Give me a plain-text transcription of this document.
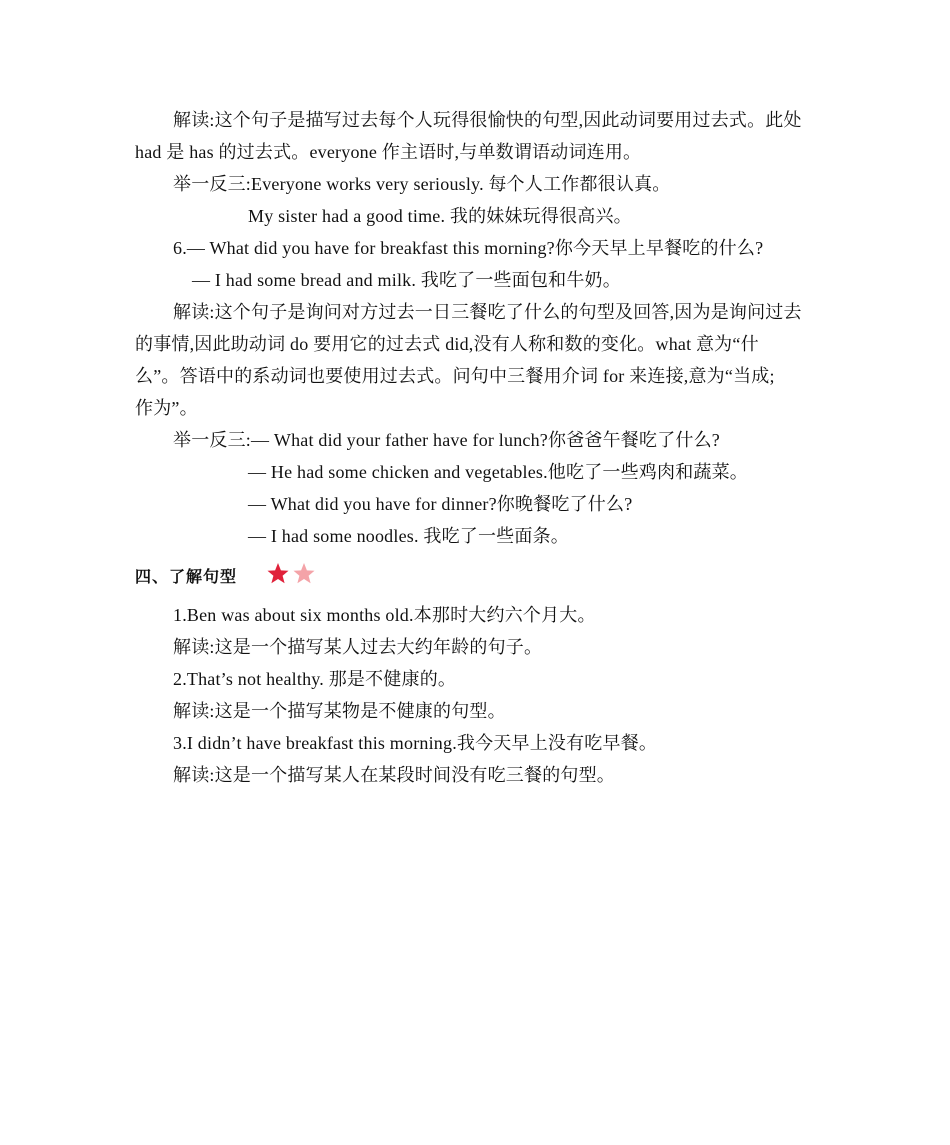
解读:这个句子是描写过去每个人玩得很愉快的句型,因此动词要用过去式。此处
had 是 has 的过去式。everyone 作主语时,与单数谓语动词连用。
举一反三:Everyone works very seriously. 每个人工作都很认真。
My sister had a good time. 我的妹妹玩得很高兴。
6.— What did you have for breakfast this morning?你今天早上早餐吃的什么?
— I had some bread and milk. 我吃了一些面包和牛奶。
解读:这个句子是询问对方过去一日三餐吃了什么的句型及回答,因为是询问过去
的事情,因此助动词 do 要用它的过去式 did,没有人称和数的变化。what 意为“什
么”。答语中的系动词也要使用过去式。问句中三餐用介词 for 来连接,意为“当成;
作为”。
举一反三:— What did your father have for lunch?你爸爸午餐吃了什么?
— He had some chicken and vegetables.他吃了一些鸡肉和蔬菜。
— What did you have for dinner?你晚餐吃了什么?
— I had some noodles. 我吃了一些面条。
四、了解句型
1.Ben was about six months old.本那时大约六个月大。
解读:这是一个描写某人过去大约年龄的句子。
2.That’s not healthy. 那是不健康的。
解读:这是一个描写某物是不健康的句型。
3.I didn’t have breakfast this morning.我今天早上没有吃早餐。
解读:这是一个描写某人在某段时间没有吃三餐的句型。
